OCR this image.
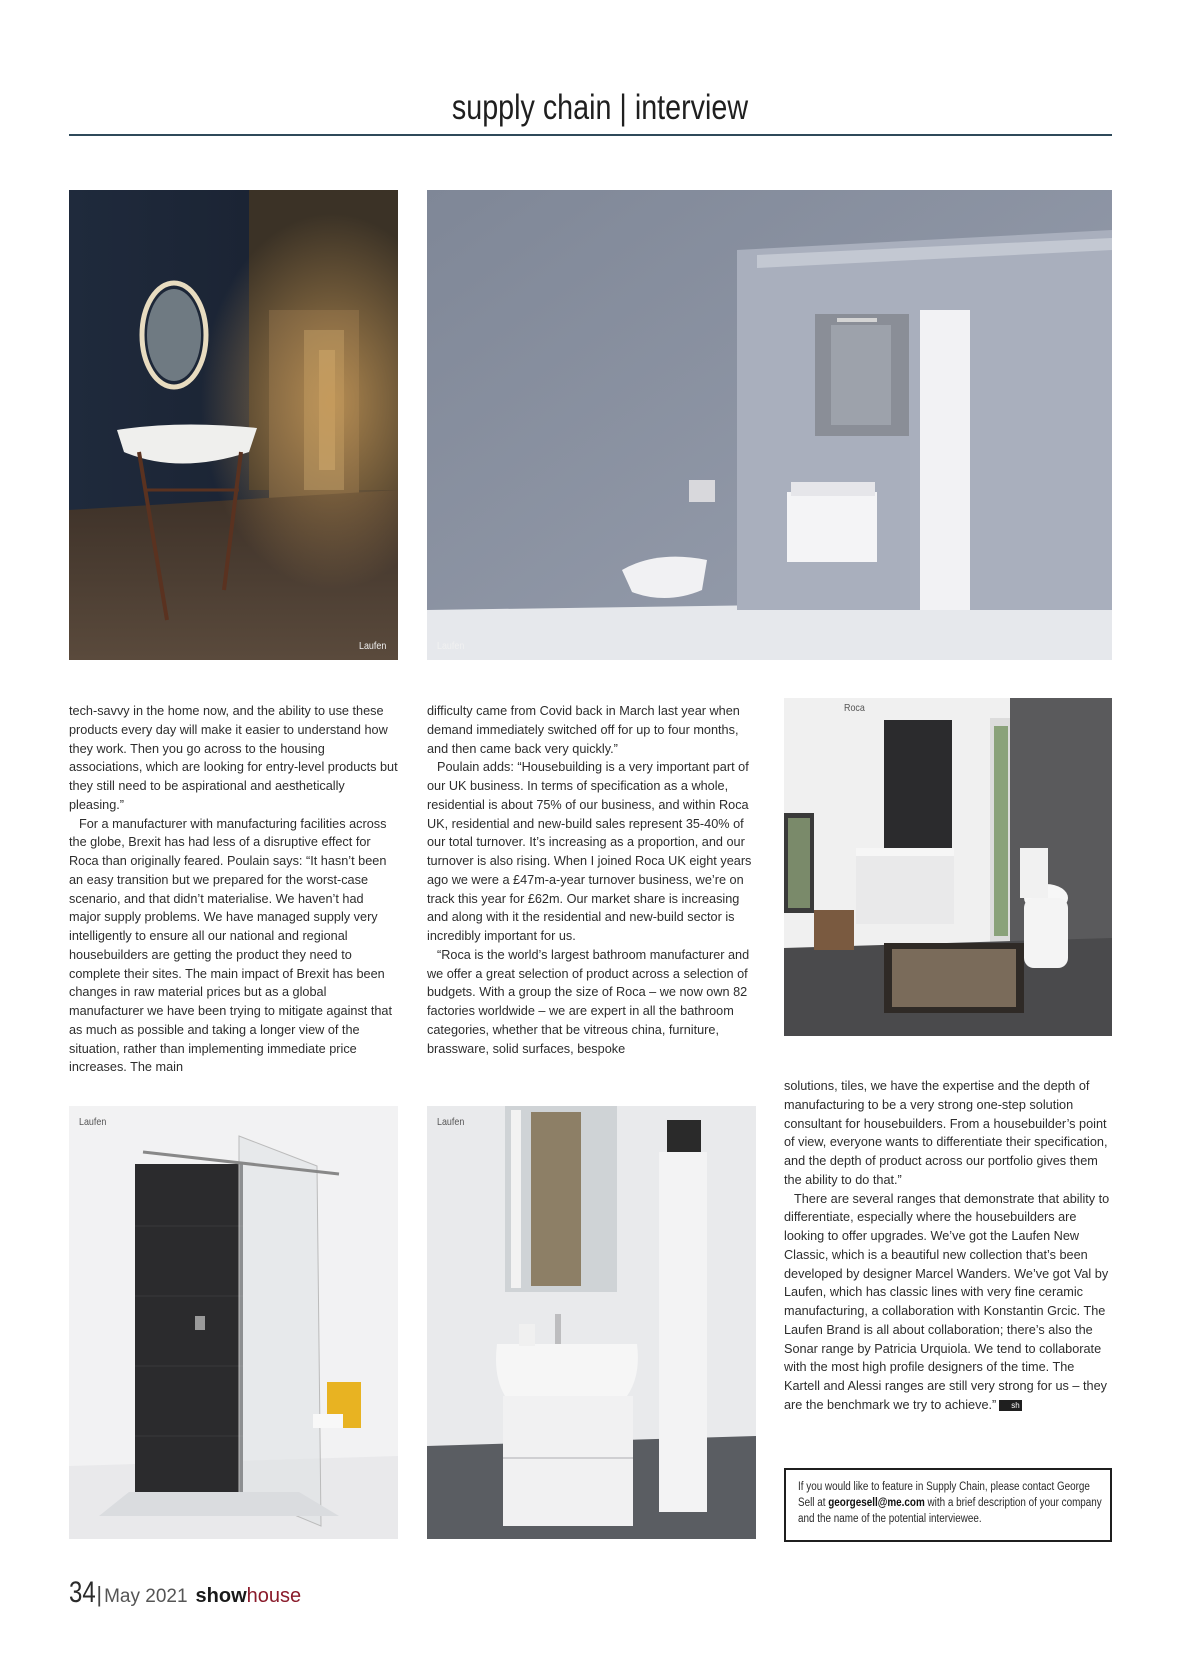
supply chain | interview
Laufen	Laufen
Roca
Laufen	Laufen

tech-savvy in the home now, and the ability to use these products every day will make it easier to understand how they work. Then you go across to the housing associations, which are looking for entry-level products but they still need to be aspirational and aesthetically pleasing.”

For a manufacturer with manufacturing facilities across the globe, Brexit has had less of a disruptive effect for Roca than originally feared. Poulain says: “It hasn’t been an easy transition but we prepared for the worst-case scenario, and that didn’t materialise. We haven’t had major supply problems. We have managed supply very intelligently to ensure all our national and regional housebuilders are getting the product they need to complete their sites. The main impact of Brexit has been changes in raw material prices but as a global manufacturer we have been trying to mitigate against that as much as possible and taking a longer view of the situation, rather than implementing immediate price increases. The main

difficulty came from Covid back in March last year when demand immediately switched off for up to four months, and then came back very quickly.”

Poulain adds: “Housebuilding is a very important part of our UK business. In terms of specification as a whole, residential is about 75% of our business, and within Roca UK, residential and new-build sales represent 35-40% of our total turnover. It’s increasing as a proportion, and our turnover is also rising. When I joined Roca UK eight years ago we were a £47m-a-year turnover business, we’re on track this year for £62m. Our market share is increasing and along with it the residential and new-build sector is incredibly important for us.

“Roca is the world’s largest bathroom manufacturer and we offer a great selection of product across a selection of budgets. With a group the size of Roca – we now own 82 factories worldwide – we are expert in all the bathroom categories, whether that be vitreous china, furniture, brassware, solid surfaces, bespoke

solutions, tiles, we have the expertise and the depth of manufacturing to be a very strong one-step solution consultant for housebuilders. From a housebuilder’s point of view, everyone wants to differentiate their specification, and the depth of product across our portfolio gives them the ability to do that.”

There are several ranges that demonstrate that ability to differentiate, especially where the housebuilders are looking to offer upgrades. We’ve got the Laufen New Classic, which is a beautiful new collection that’s been developed by designer Marcel Wanders. We’ve got Val by Laufen, which has classic lines with very fine ceramic manufacturing, a collaboration with Konstantin Grcic. The Laufen Brand is all about collaboration; there’s also the Sonar range by Patricia Urquiola. We tend to collaborate with the most high profile designers of the time. The Kartell and Alessi ranges are still very strong for us – they are the benchmark we try to achieve.” sh

If you would like to feature in Supply Chain, please contact George Sell at georgesell@me.com with a brief description of your company and the name of the potential interviewee.
34| May 2021 showhouse
